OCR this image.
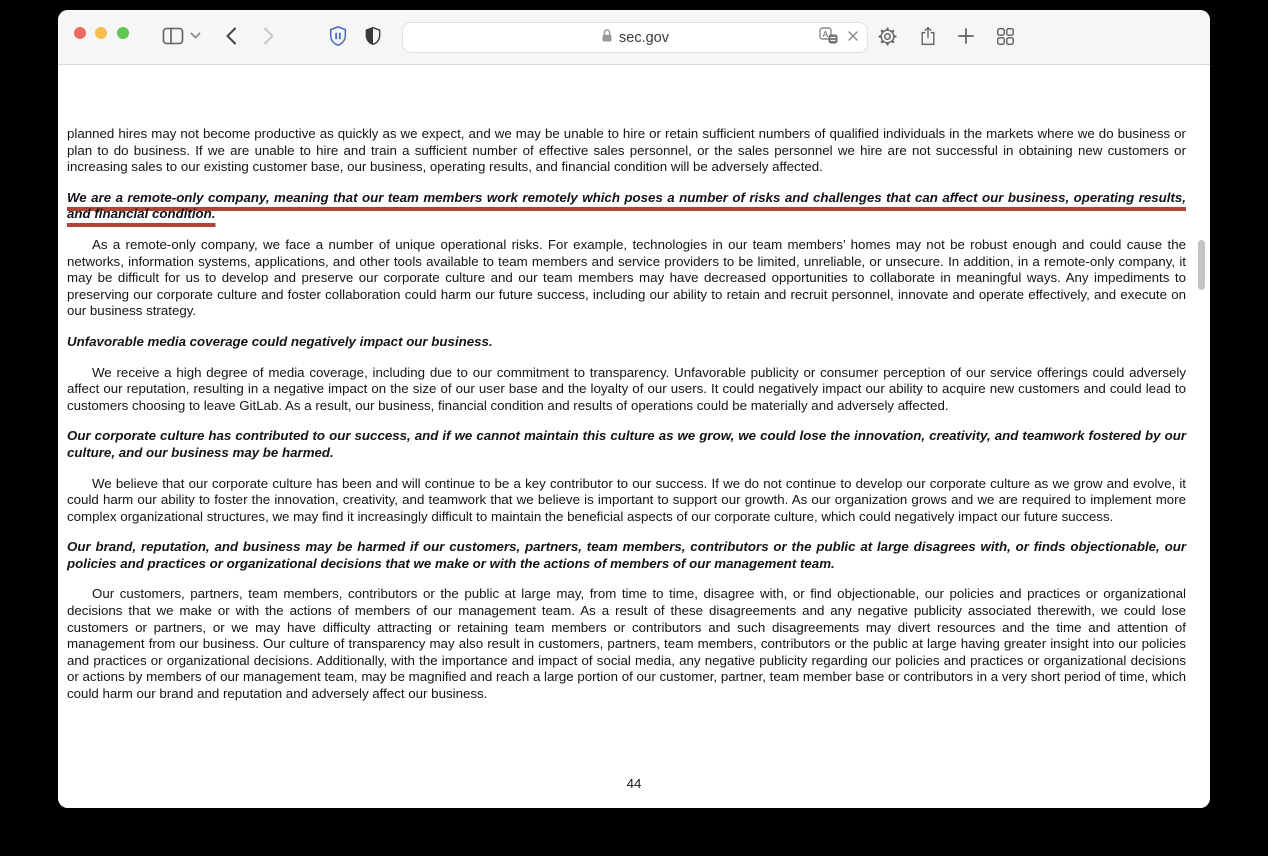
sec.gov	A

planned hires may not become productive as quickly as we expect, and we may be unable to hire or retain sufficient numbers of qualified individuals in the markets where we do business or plan to do business. If we are unable to hire and train a sufficient number of effective sales personnel, or the sales personnel we hire are not successful in obtaining new customers or increasing sales to our existing customer base, our business, operating results, and financial condition will be adversely affected.

We are a remote-only company, meaning that our team members work remotely which poses a number of risks and challenges that can affect our business, operating results, and financial condition.

As a remote-only company, we face a number of unique operational risks. For example, technologies in our team members’ homes may not be robust enough and could cause the networks, information systems, applications, and other tools available to team members and service providers to be limited, unreliable, or unsecure. In addition, in a remote-only company, it may be difficult for us to develop and preserve our corporate culture and our team members may have decreased opportunities to collaborate in meaningful ways. Any impediments to preserving our corporate culture and foster collaboration could harm our future success, including our ability to retain and recruit personnel, innovate and operate effectively, and execute on our business strategy.

Unfavorable media coverage could negatively impact our business.

We receive a high degree of media coverage, including due to our commitment to transparency. Unfavorable publicity or consumer perception of our service offerings could adversely affect our reputation, resulting in a negative impact on the size of our user base and the loyalty of our users. It could negatively impact our ability to acquire new customers and could lead to customers choosing to leave GitLab. As a result, our business, financial condition and results of operations could be materially and adversely affected.

Our corporate culture has contributed to our success, and if we cannot maintain this culture as we grow, we could lose the innovation, creativity, and teamwork fostered by our culture, and our business may be harmed.

We believe that our corporate culture has been and will continue to be a key contributor to our success. If we do not continue to develop our corporate culture as we grow and evolve, it could harm our ability to foster the innovation, creativity, and teamwork that we believe is important to support our growth. As our organization grows and we are required to implement more complex organizational structures, we may find it increasingly difficult to maintain the beneficial aspects of our corporate culture, which could negatively impact our future success.

Our brand, reputation, and business may be harmed if our customers, partners, team members, contributors or the public at large disagrees with, or finds objectionable, our policies and practices or organizational decisions that we make or with the actions of members of our management team.

Our customers, partners, team members, contributors or the public at large may, from time to time, disagree with, or find objectionable, our policies and practices or organizational decisions that we make or with the actions of members of our management team. As a result of these disagreements and any negative publicity associated therewith, we could lose customers or partners, or we may have difficulty attracting or retaining team members or contributors and such disagreements may divert resources and the time and attention of management from our business. Our culture of transparency may also result in customers, partners, team members, contributors or the public at large having greater insight into our policies and practices or organizational decisions. Additionally, with the importance and impact of social media, any negative publicity regarding our policies and practices or organizational decisions or actions by members of our management team, may be magnified and reach a large portion of our customer, partner, team member base or contributors in a very short period of time, which could harm our brand and reputation and adversely affect our business.

44
